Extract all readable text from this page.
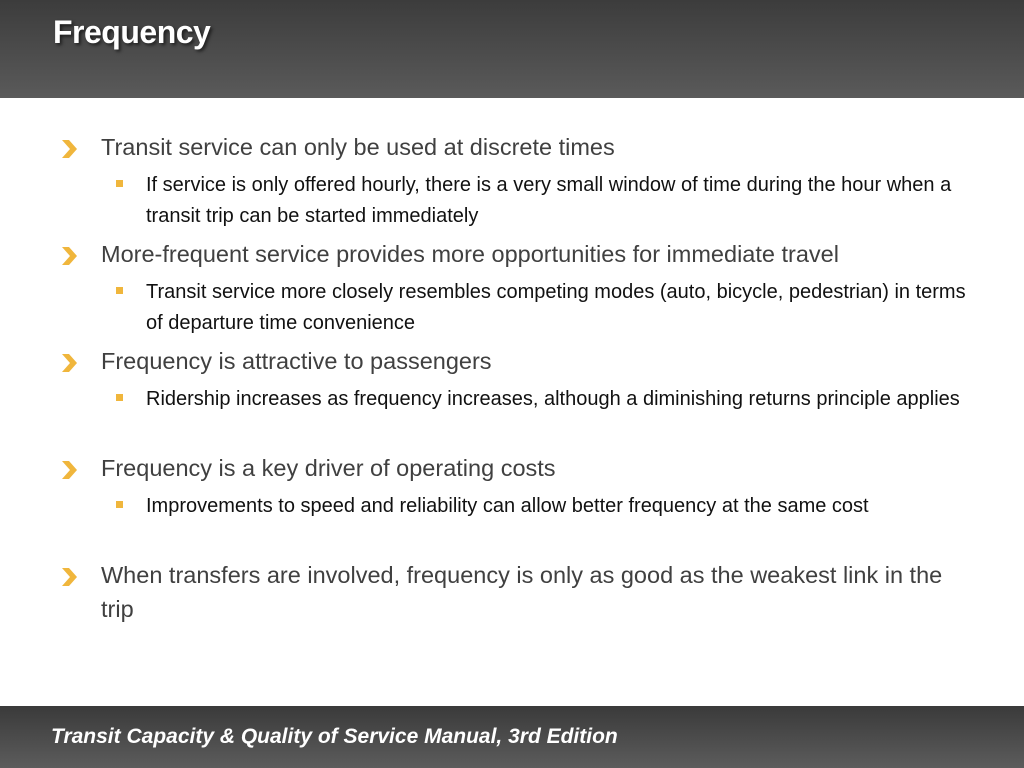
Frequency
Transit service can only be used at discrete times
If service is only offered hourly, there is a very small window of time during the hour when a transit trip can be started immediately
More-frequent service provides more opportunities for immediate travel
Transit service more closely resembles competing modes (auto, bicycle, pedestrian) in terms of departure time convenience
Frequency is attractive to passengers
Ridership increases as frequency increases, although a diminishing returns principle applies
Frequency is a key driver of operating costs
Improvements to speed and reliability can allow better frequency at the same cost
When transfers are involved, frequency is only as good as the weakest link in the trip
Transit Capacity & Quality of Service Manual, 3rd Edition
